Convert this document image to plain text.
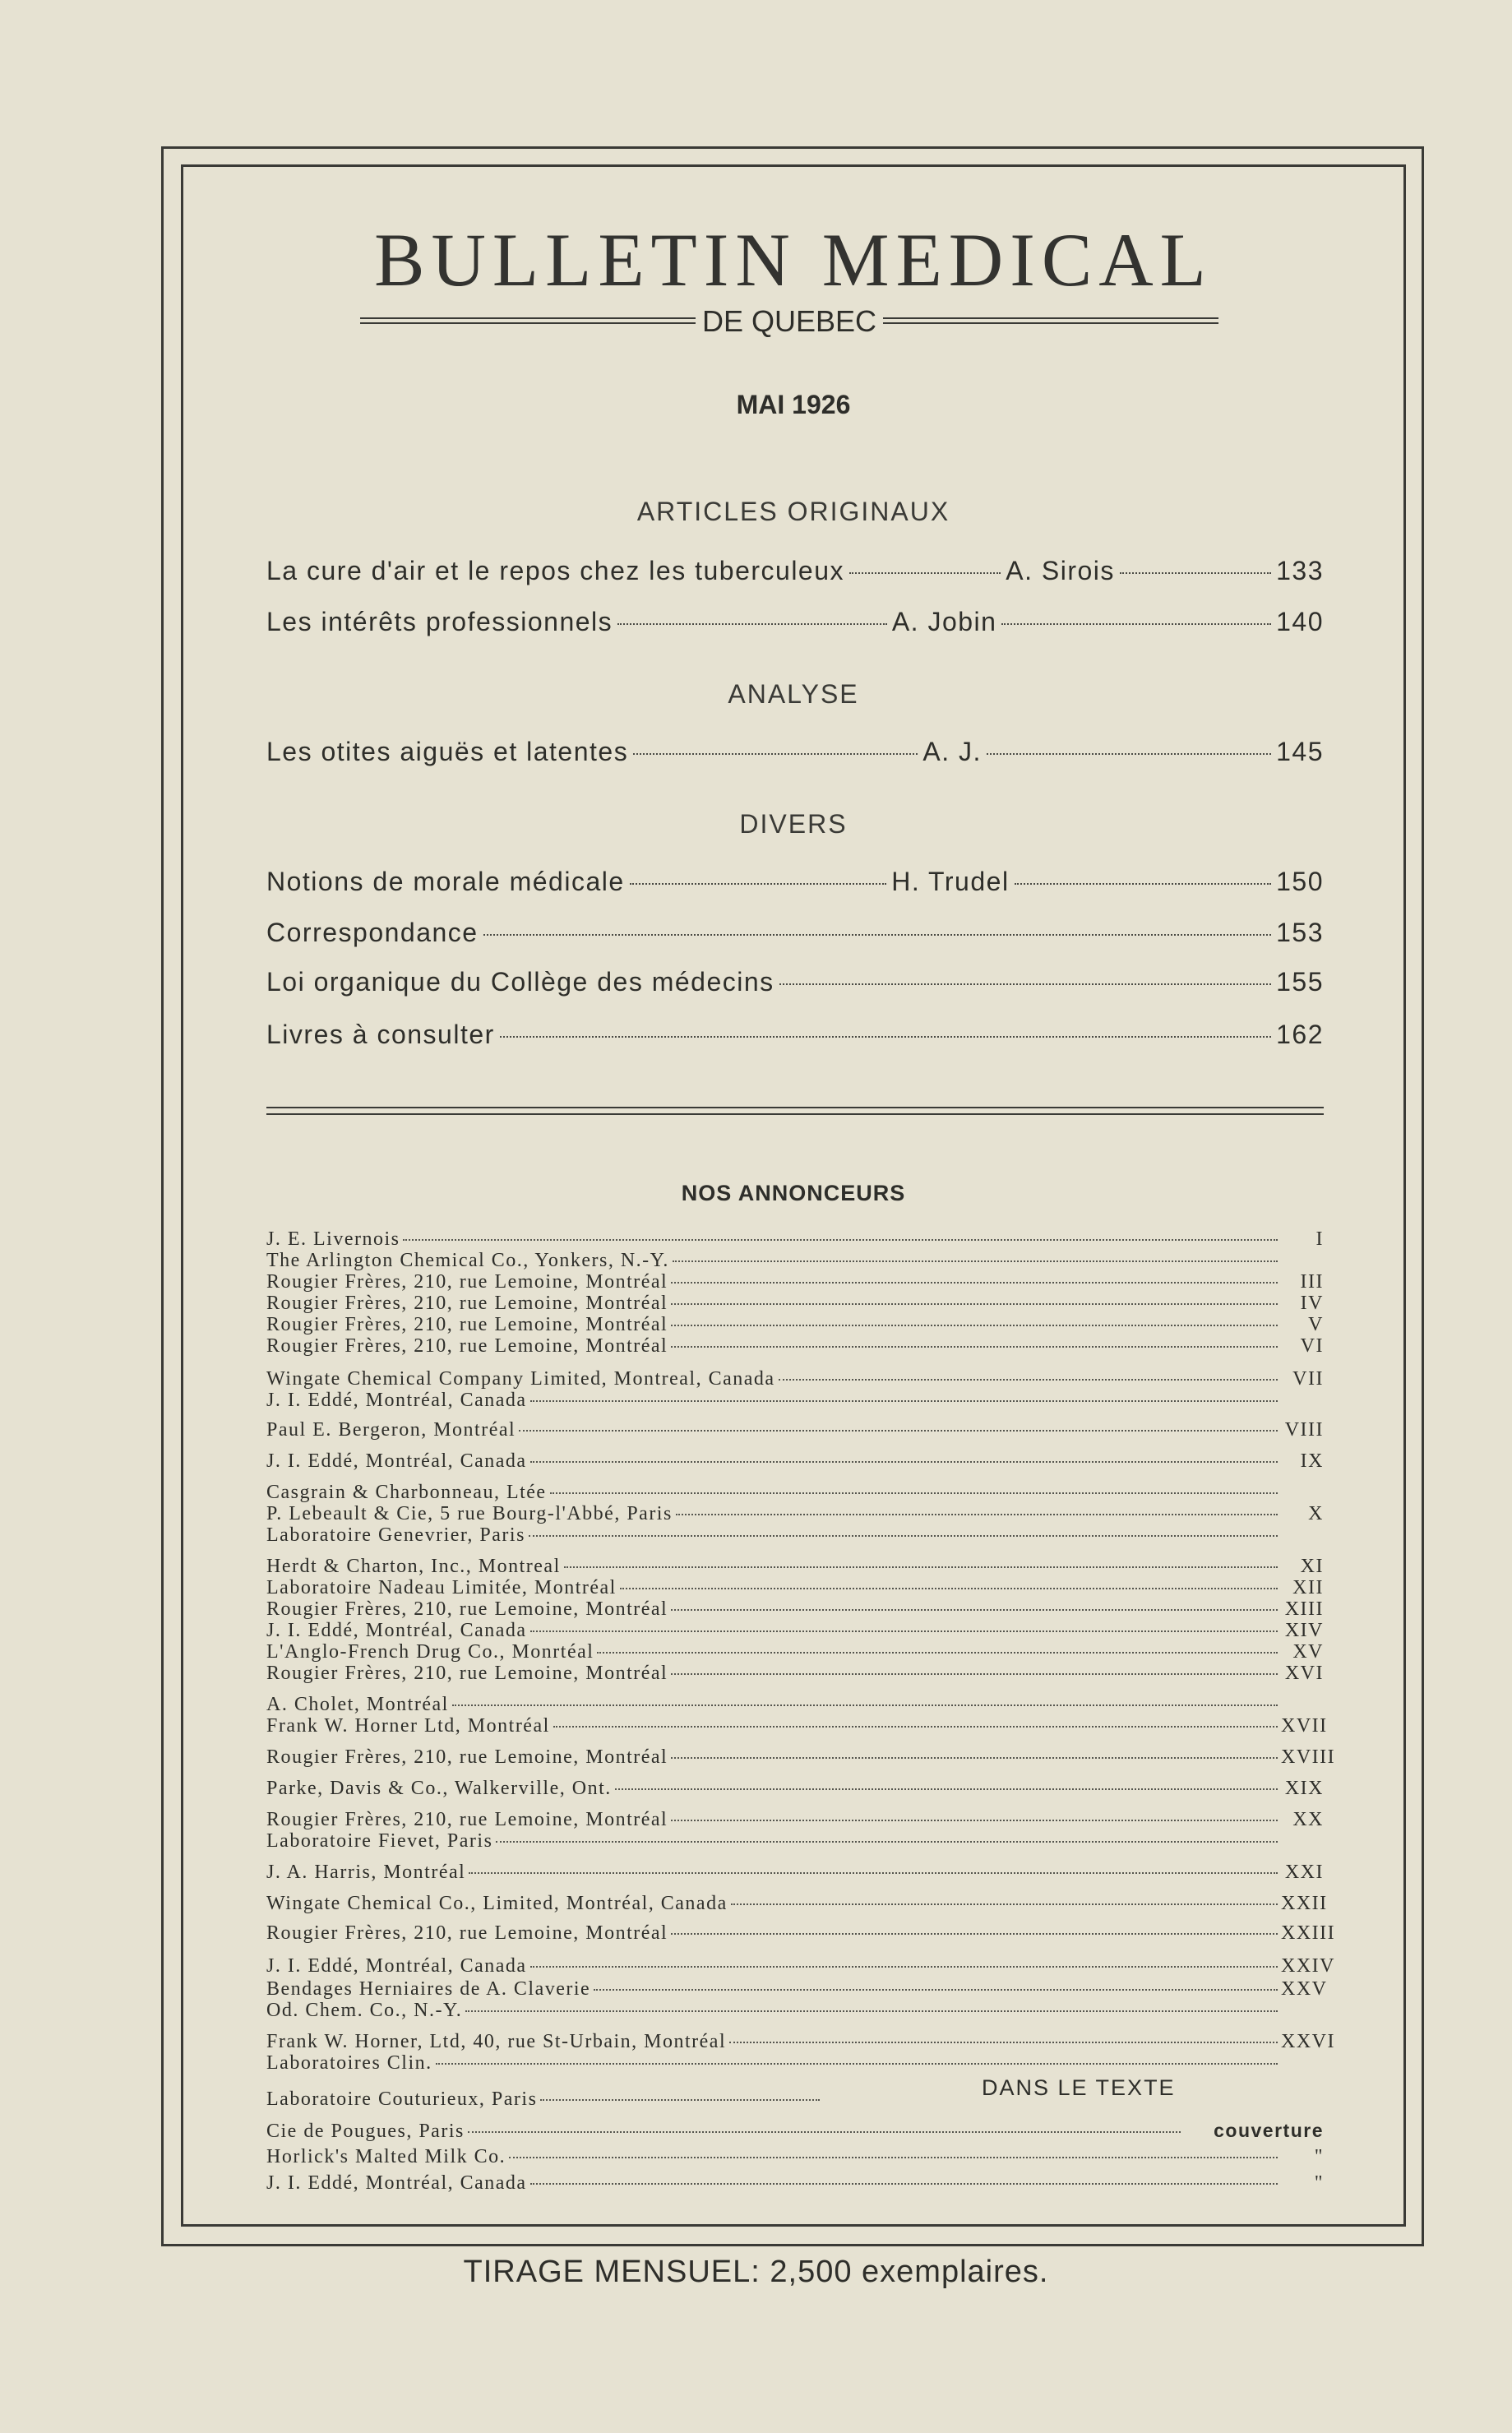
BULLETIN MEDICAL
DE QUEBEC
MAI 1926
ARTICLES ORIGINAUX
La cure d'air et le repos chez les tuberculeux	A. Sirois	133
Les intérêts professionnels	A. Jobin	140
ANALYSE
Les otites aiguës et latentes	A. J.	145
DIVERS
Notions de morale médicale	H. Trudel	150
Correspondance	153
Loi organique du Collège des médecins	155
Livres à consulter	162
NOS ANNONCEURS
J. E. Livernois	I
The Arlington Chemical Co., Yonkers, N.-Y.
Rougier Frères, 210, rue Lemoine, Montréal	III
Rougier Frères, 210, rue Lemoine, Montréal	IV
Rougier Frères, 210, rue Lemoine, Montréal	V
Rougier Frères, 210, rue Lemoine, Montréal	VI
Wingate Chemical Company Limited, Montreal, Canada	VII
J. I. Eddé, Montréal, Canada
Paul E. Bergeron, Montréal	VIII
J. I. Eddé, Montréal, Canada	IX
Casgrain & Charbonneau, Ltée
P. Lebeault & Cie, 5 rue Bourg-l'Abbé, Paris	X
Laboratoire Genevrier, Paris
Herdt & Charton, Inc., Montreal	XI
Laboratoire Nadeau Limitée, Montréal	XII
Rougier Frères, 210, rue Lemoine, Montréal	XIII
J. I. Eddé, Montréal, Canada	XIV
L'Anglo-French Drug Co., Monrtéal	XV
Rougier Frères, 210, rue Lemoine, Montréal	XVI
A. Cholet, Montréal
Frank W. Horner Ltd, Montréal	XVII
Rougier Frères, 210, rue Lemoine, Montréal	XVIII
Parke, Davis & Co., Walkerville, Ont.	XIX
Rougier Frères, 210, rue Lemoine, Montréal	XX
Laboratoire Fievet, Paris
J. A. Harris, Montréal	XXI
Wingate Chemical Co., Limited, Montréal, Canada	XXII
Rougier Frères, 210, rue Lemoine, Montréal	XXIII
J. I. Eddé, Montréal, Canada	XXIV
Bendages Herniaires de A. Claverie	XXV
Od. Chem. Co., N.-Y.
Frank W. Horner, Ltd, 40, rue St-Urbain, Montréal	XXVI
Laboratoires Clin.
Laboratoire Couturieux, Paris
Cie de Pougues, Paris	couverture
Horlick's Malted Milk Co.	"
J. I. Eddé, Montréal, Canada	"
DANS LE TEXTE
TIRAGE MENSUEL: 2,500 exemplaires.
